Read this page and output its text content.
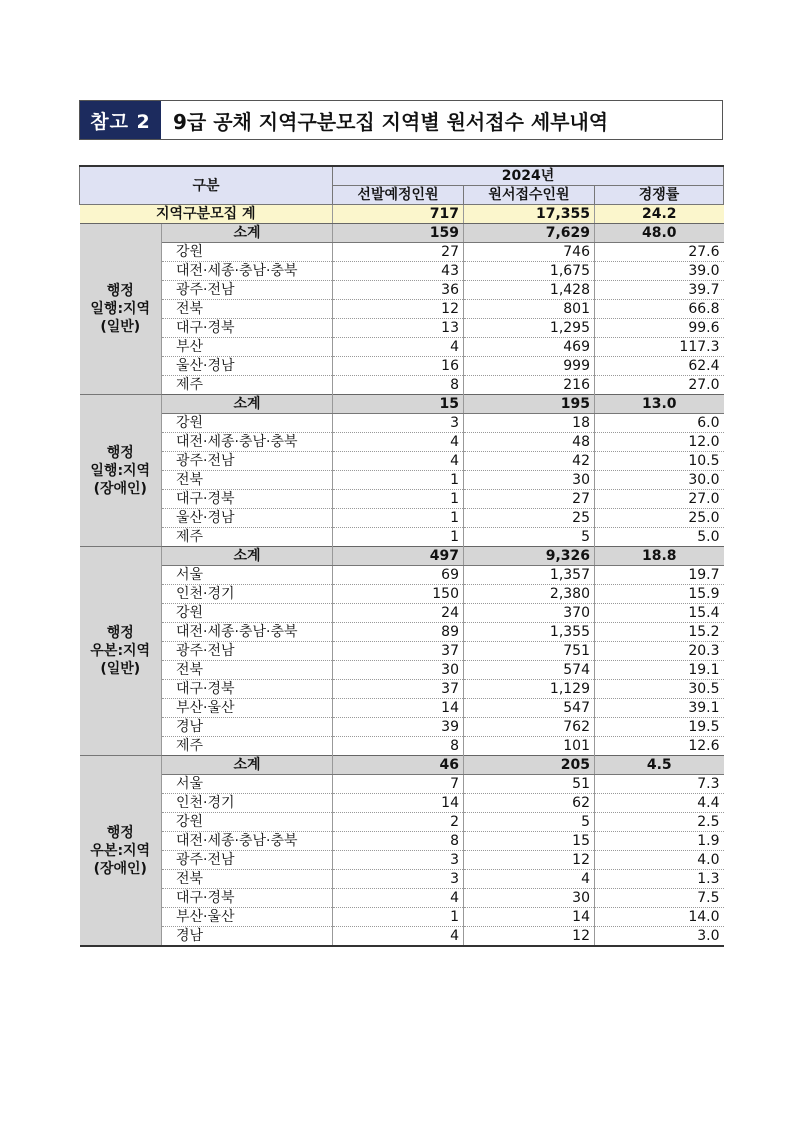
참고 2	9급 공채 지역구분모집 지역별 원서접수 세부내역
구분		2024년		
		선발예정인원	원서접수인원	경쟁률
지역구분모집 계		717	17,355	24.2

행정
일행:지역
(일반)	소계	159	7,629	48.0
	강원	27	746	27.6
	대전·세종·충남·충북	43	1,675	39.0
	광주·전남	36	1,428	39.7
	전북	12	801	66.8
	대구·경북	13	1,295	99.6
	부산	4	469	117.3
	울산·경남	16	999	62.4
	제주	8	216	27.0

행정
일행:지역
(장애인)	소계	15	195	13.0
	강원	3	18	6.0
	대전·세종·충남·충북	4	48	12.0
	광주·전남	4	42	10.5
	전북	1	30	30.0
	대구·경북	1	27	27.0
	울산·경남	1	25	25.0
	제주	1	5	5.0

행정
우본:지역
(일반)	소계	497	9,326	18.8
	서울	69	1,357	19.7
	인천·경기	150	2,380	15.9
	강원	24	370	15.4
	대전·세종·충남·충북	89	1,355	15.2
	광주·전남	37	751	20.3
	전북	30	574	19.1
	대구·경북	37	1,129	30.5
	부산·울산	14	547	39.1
	경남	39	762	19.5
	제주	8	101	12.6

행정
우본:지역
(장애인)	소계	46	205	4.5
	서울	7	51	7.3
	인천·경기	14	62	4.4
	강원	2	5	2.5
	대전·세종·충남·충북	8	15	1.9
	광주·전남	3	12	4.0
	전북	3	4	1.3
	대구·경북	4	30	7.5
	부산·울산	1	14	14.0
	경남	4	12	3.0
